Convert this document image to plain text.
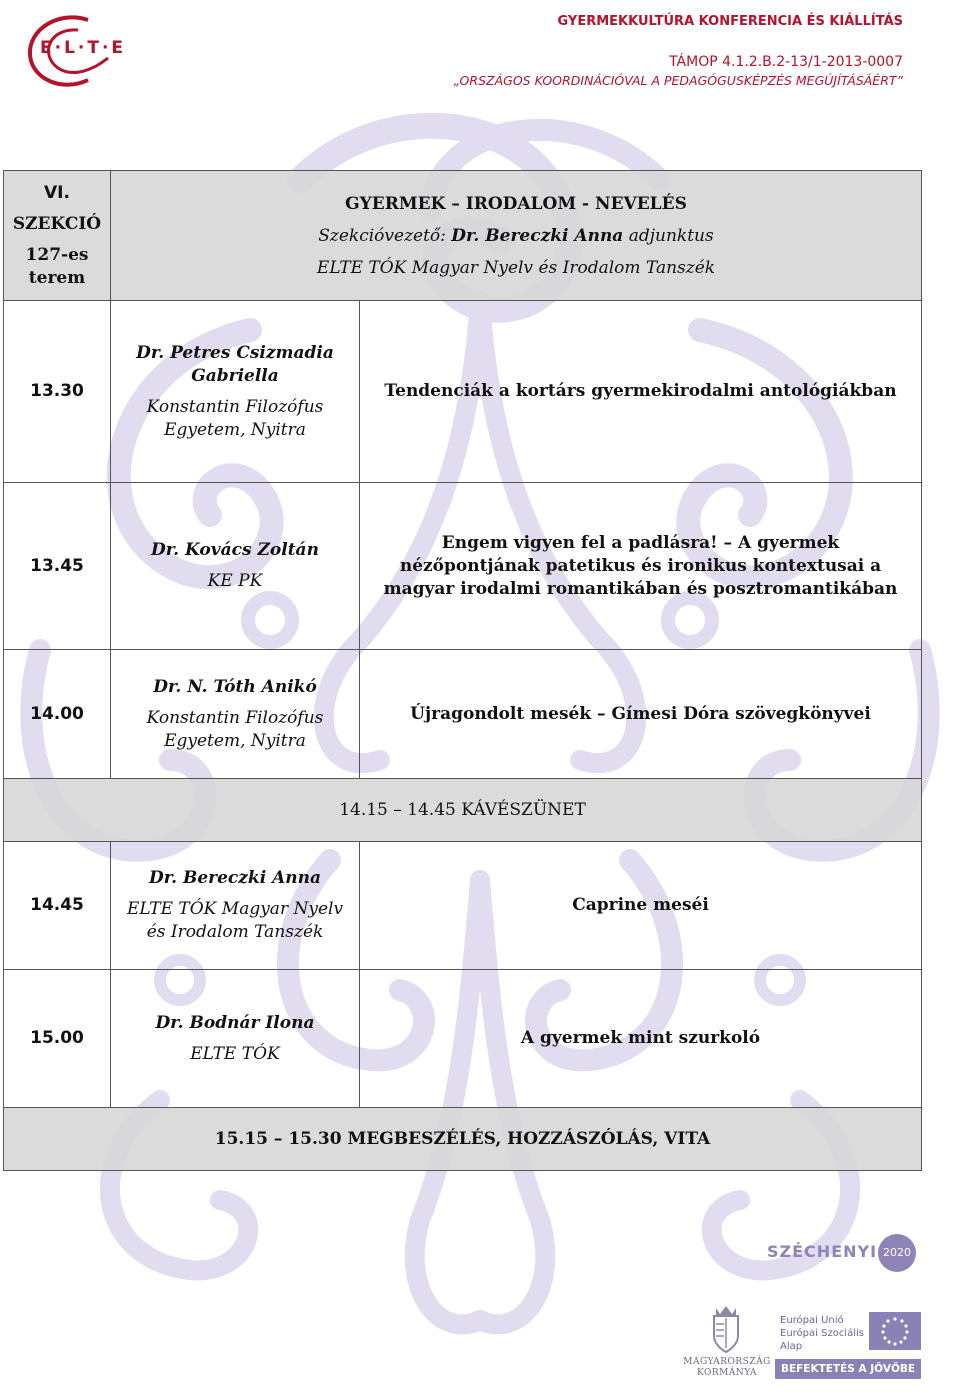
E·L·T·E
GYERMEKKULTÚRA KONFERENCIA ÉS KIÁLLÍTÁS
TÁMOP 4.1.2.B.2-13/1-2013-0007
„ORSZÁGOS KOORDINÁCIÓVAL A PEDAGÓGUSKÉPZÉS MEGÚJÍTÁSÁÉRT”
VI.
SZEKCIÓ
127-es
terem	GYERMEK – IRODALOM - NEVELÉS
Szekcióvezető: Dr. Bereczki Anna adjunktus
ELTE TÓK Magyar Nyelv és Irodalom Tanszék	

13.30	Dr. Petres Csizmadia
Gabriella
Konstantin Filozófus
Egyetem, Nyitra	Tendenciák a kortárs gyermekirodalmi antológiákban
13.45	Dr. Kovács Zoltán
KE PK	Engem vigyen fel a padlásra! – A gyermek
nézőpontjának patetikus és ironikus kontextusai a
magyar irodalmi romantikában és posztromantikában

14.00	Dr. N. Tóth Anikó
Konstantin Filozófus
Egyetem, Nyitra	Újragondolt mesék – Gímesi Dóra szövegkönyvei
14.15 – 14.45 KÁVÉSZÜNET		
14.45	Dr. Bereczki Anna
ELTE TÓK Magyar Nyelv
és Irodalom Tanszék	Caprine meséi
15.00	Dr. Bodnár Ilona
ELTE TÓK	A gyermek mint szurkoló
15.15 – 15.30 MEGBESZÉLÉS, HOZZÁSZÓLÁS, VITA		
SZÉCHENYI 2020
MAGYARORSZÁG
KORMÁNYA
Európai Unió
Európai Szociális
Alap
BEFEKTETÉS A JÖVŐBE
